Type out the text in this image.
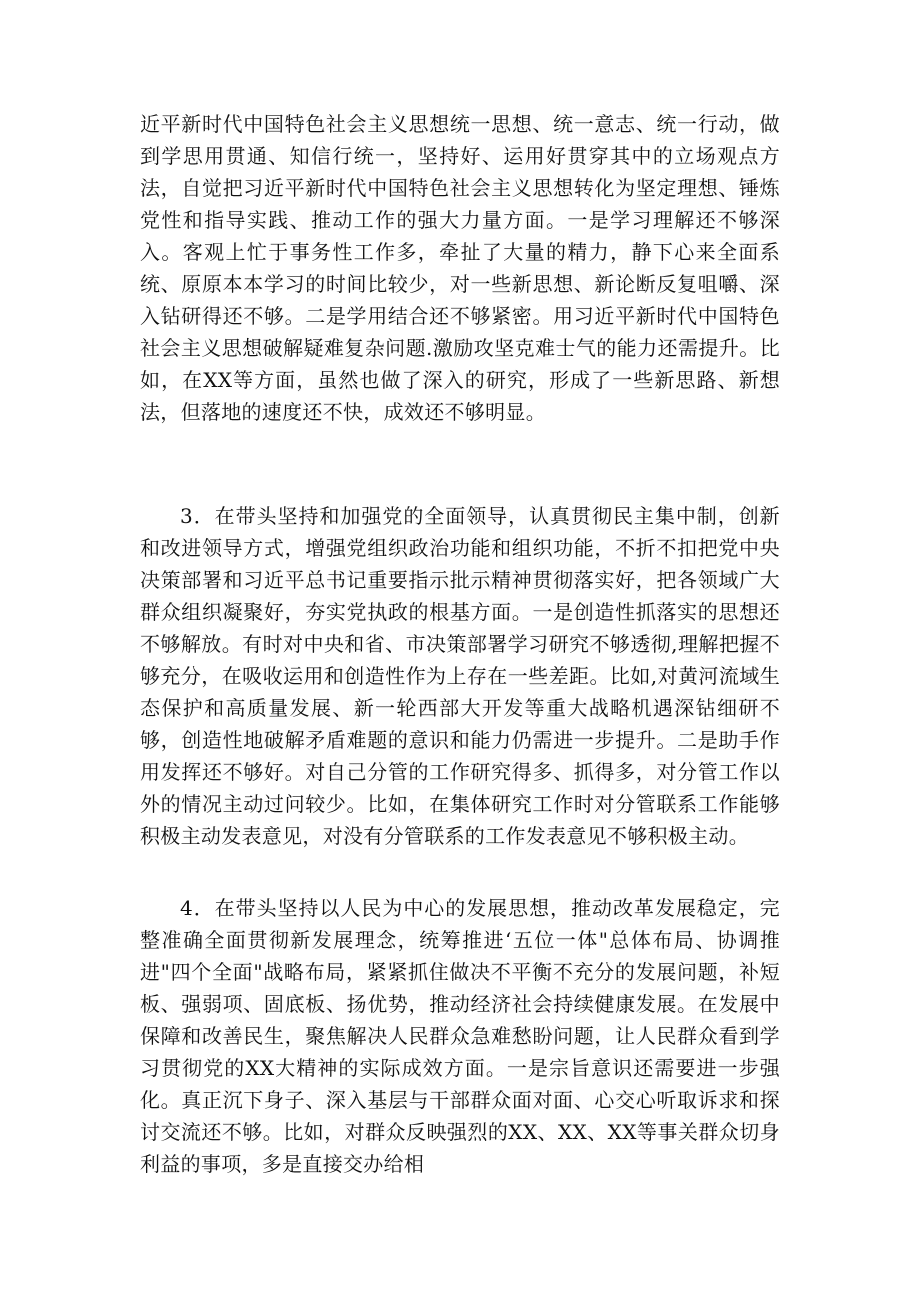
近平新时代中国特色社会主义思想统一思想、统一意志、统一行动，做到学思用贯通、知信行统一，坚持好、运用好贯穿其中的立场观点方法，自觉把习近平新时代中国特色社会主义思想转化为坚定理想、锤炼党性和指导实践、推动工作的强大力量方面。一是学习理解还不够深入。客观上忙于事务性工作多，牵扯了大量的精力，静下心来全面系统、原原本本学习的时间比较少，对一些新思想、新论断反复咀嚼、深入钻研得还不够。二是学用结合还不够紧密。用习近平新时代中国特色社会主义思想破解疑难复杂问题.激励攻坚克难士气的能力还需提升。比如，在XX等方面，虽然也做了深入的研究，形成了一些新思路、新想法，但落地的速度还不快，成效还不够明显。

3．在带头坚持和加强党的全面领导，认真贯彻民主集中制，创新和改进领导方式，增强党组织政治功能和组织功能，不折不扣把党中央决策部署和习近平总书记重要指示批示精神贯彻落实好，把各领域广大群众组织凝聚好，夯实党执政的根基方面。一是创造性抓落实的思想还不够解放。有时对中央和省、市决策部署学习研究不够透彻,理解把握不够充分，在吸收运用和创造性作为上存在一些差距。比如,对黄河流域生态保护和高质量发展、新一轮西部大开发等重大战略机遇深钻细研不够，创造性地破解矛盾难题的意识和能力仍需进一步提升。二是助手作用发挥还不够好。对自己分管的工作研究得多、抓得多，对分管工作以外的情况主动过问较少。比如，在集体研究工作时对分管联系工作能够积极主动发表意见，对没有分管联系的工作发表意见不够积极主动。

4．在带头坚持以人民为中心的发展思想，推动改革发展稳定，完整准确全面贯彻新发展理念，统筹推进‘五位一体"总体布局、协调推进"四个全面"战略布局，紧紧抓住做决不平衡不充分的发展问题，补短板、强弱项、固底板、扬优势，推动经济社会持续健康发展。在发展中保障和改善民生，聚焦解决人民群众急难愁盼问题，让人民群众看到学习贯彻党的XX大精神的实际成效方面。一是宗旨意识还需要进一步强化。真正沉下身子、深入基层与干部群众面对面、心交心听取诉求和探讨交流还不够。比如，对群众反映强烈的XX、XX、XX等事关群众切身利益的事项，多是直接交办给相
